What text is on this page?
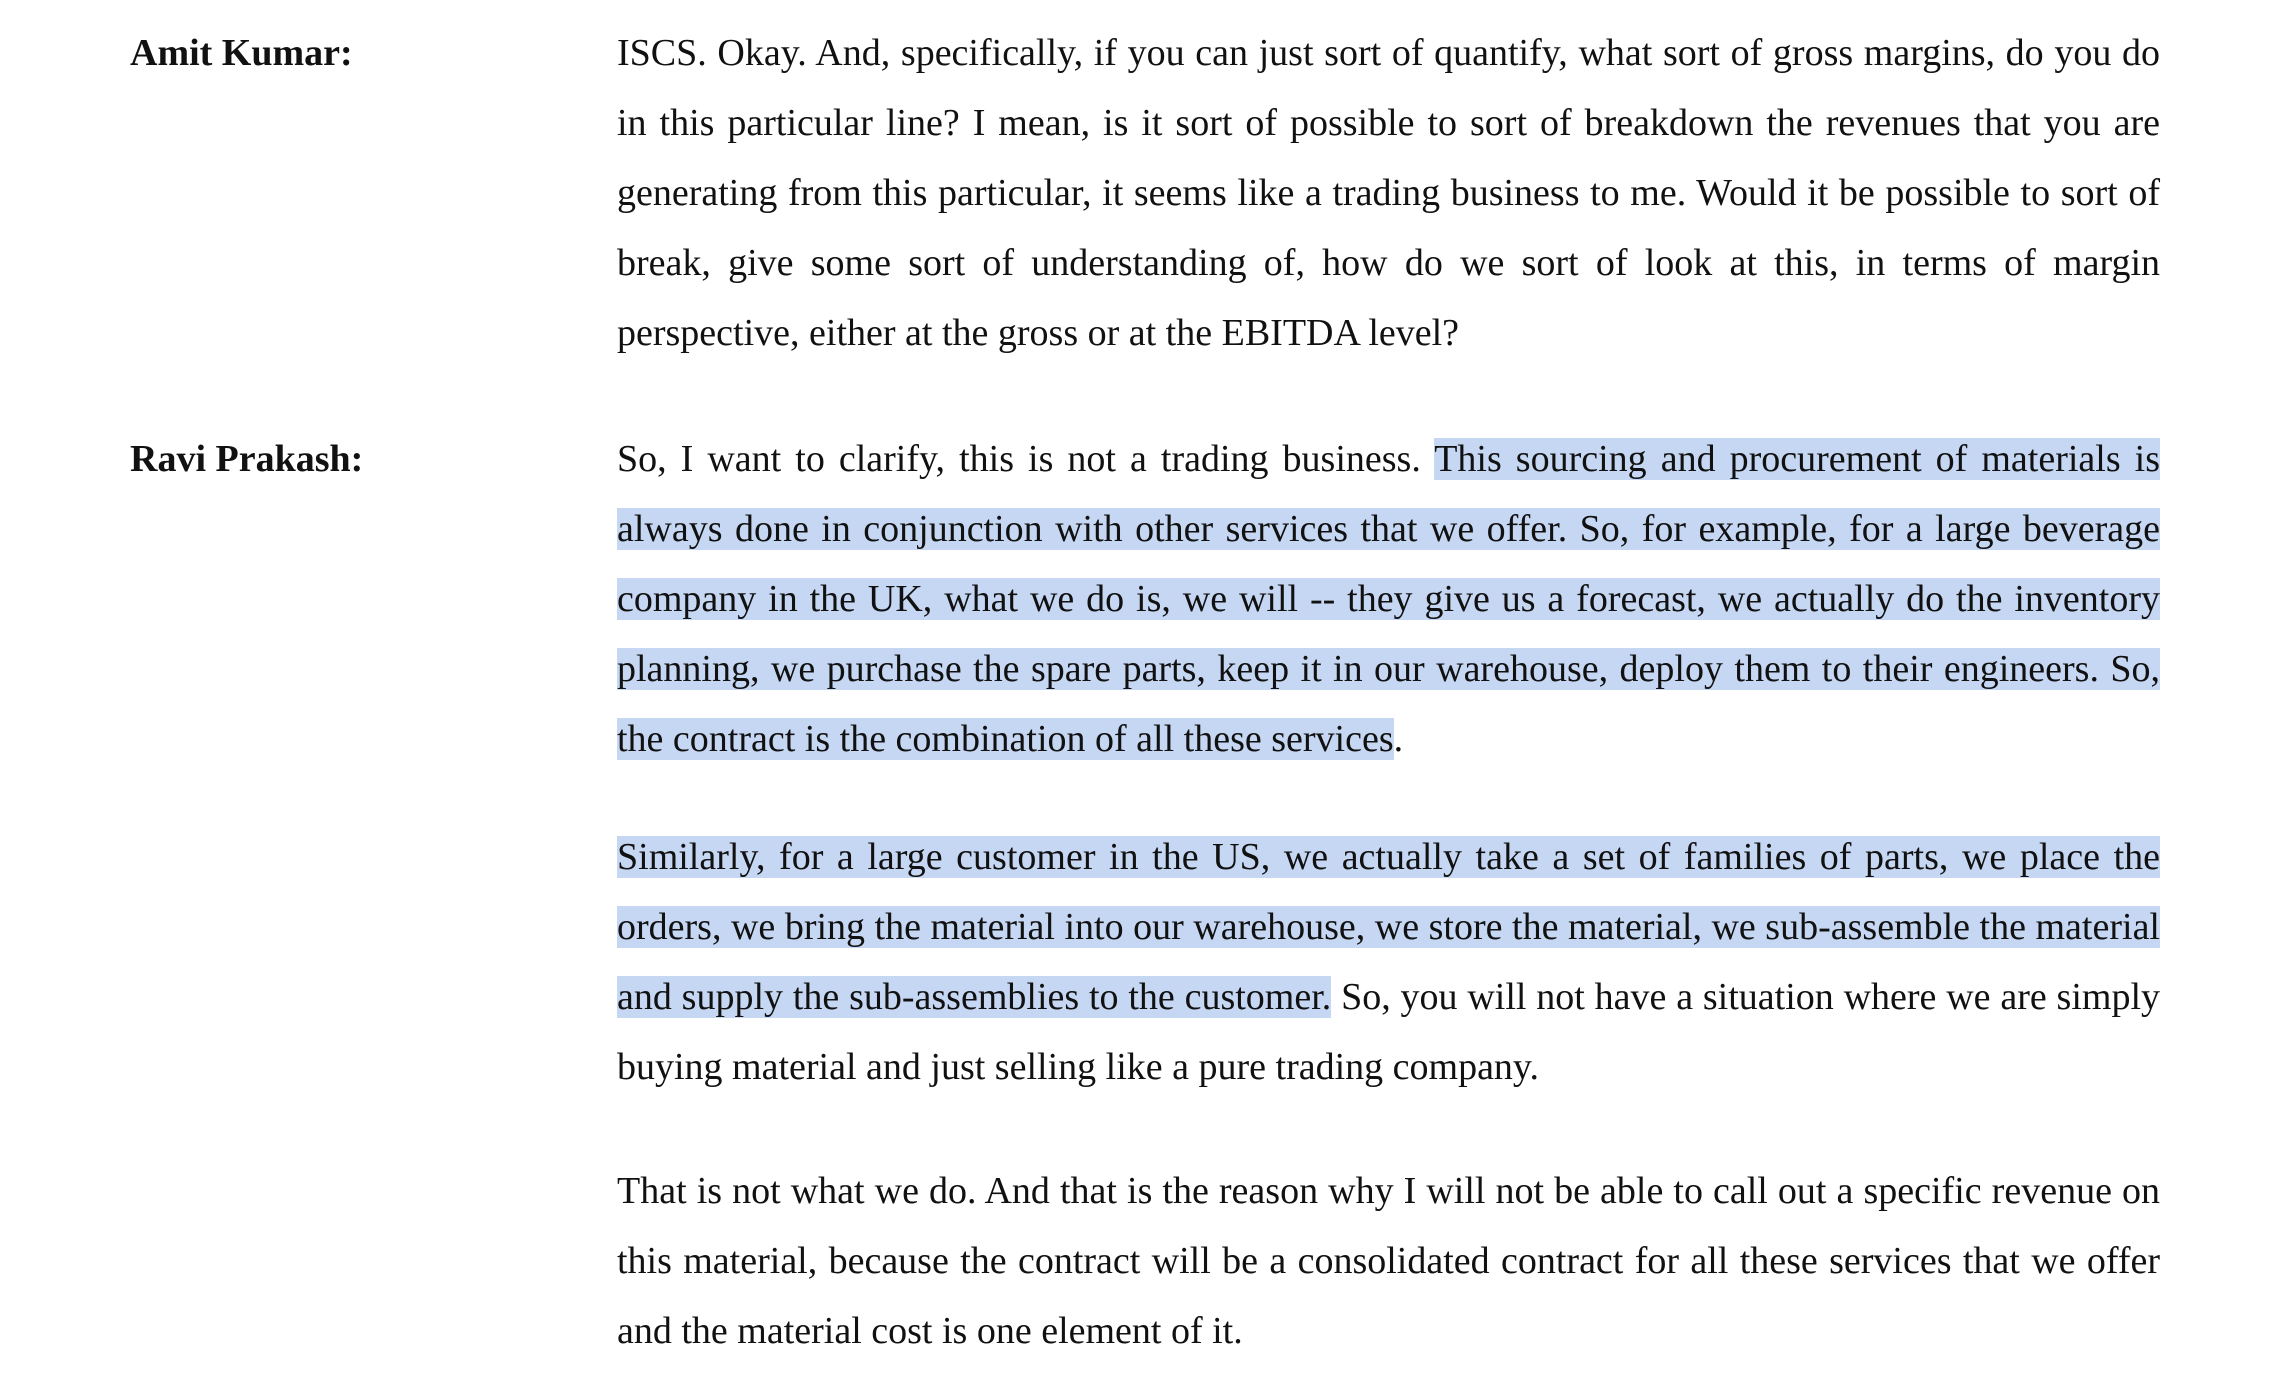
Amit Kumar:	ISCS. Okay. And, specifically, if you can just sort of quantify, what sort of gross margins, do you do in this particular line? I mean, is it sort of possible to sort of breakdown the revenues that you are generating from this particular, it seems like a trading business to me. Would it be possible to sort of break, give some sort of understanding of, how do we sort of look at this, in terms of margin perspective, either at the gross or at the EBITDA level?
Ravi Prakash:	So, I want to clarify, this is not a trading business. This sourcing and procurement of materials is always done in conjunction with other services that we offer. So, for example, for a large beverage company in the UK, what we do is, we will -- they give us a forecast, we actually do the inventory planning, we purchase the spare parts, keep it in our warehouse, deploy them to their engineers. So, the contract is the combination of all these services.
Similarly, for a large customer in the US, we actually take a set of families of parts, we place the orders, we bring the material into our warehouse, we store the material, we sub-assemble the material and supply the sub-assemblies to the customer. So, you will not have a situation where we are simply buying material and just selling like a pure trading company.
That is not what we do. And that is the reason why I will not be able to call out a specific revenue on this material, because the contract will be a consolidated contract for all these services that we offer and the material cost is one element of it.
